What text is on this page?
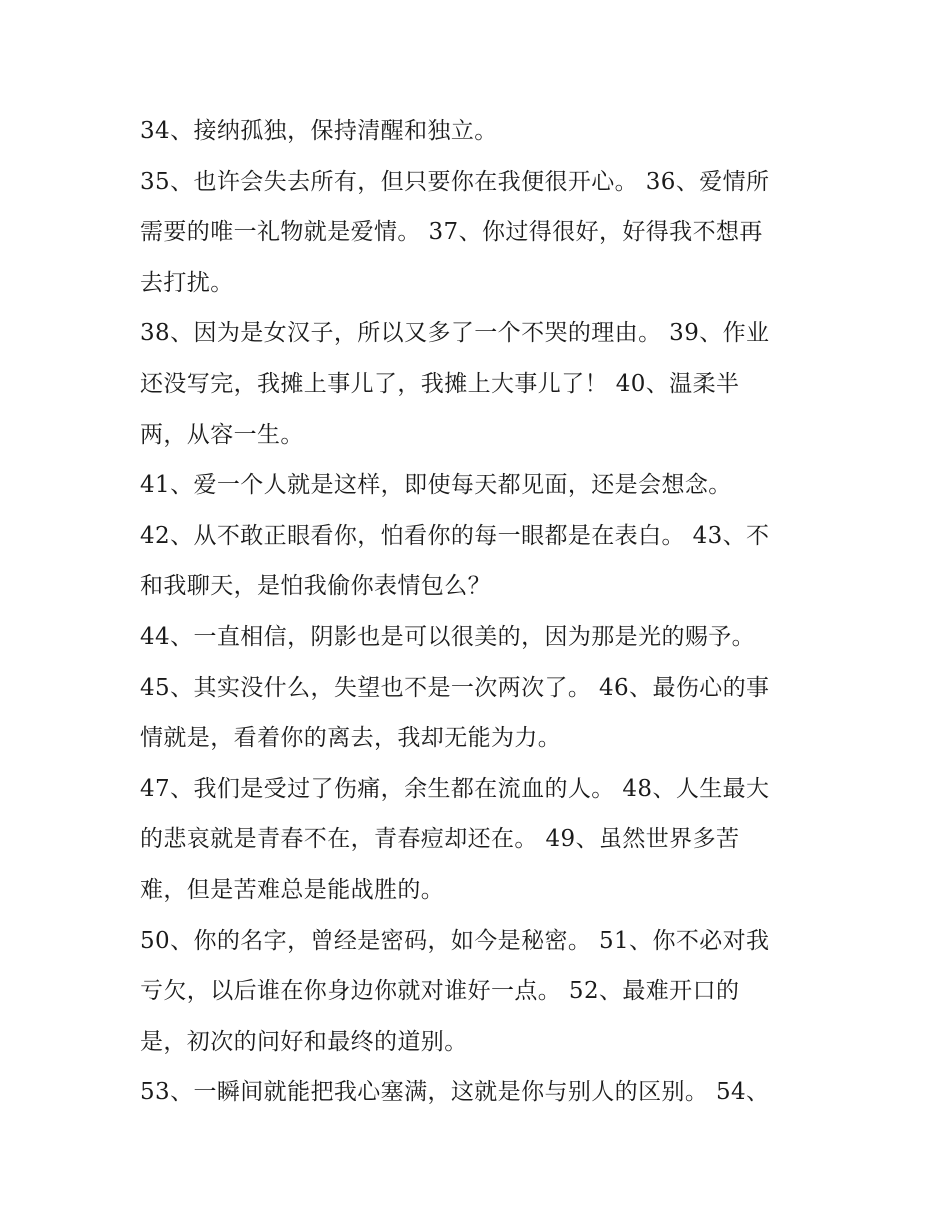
34、接纳孤独，保持清醒和独立。
35、也许会失去所有，但只要你在我便很开心。 36、爱情所
需要的唯一礼物就是爱情。 37、你过得很好，好得我不想再
去打扰。
38、因为是女汉子，所以又多了一个不哭的理由。 39、作业
还没写完，我摊上事儿了，我摊上大事儿了！ 40、温柔半
两，从容一生。
41、爱一个人就是这样，即使每天都见面，还是会想念。
42、从不敢正眼看你，怕看你的每一眼都是在表白。 43、不
和我聊天，是怕我偷你表情包么？
44、一直相信，阴影也是可以很美的，因为那是光的赐予。
45、其实没什么，失望也不是一次两次了。 46、最伤心的事
情就是，看着你的离去，我却无能为力。
47、我们是受过了伤痛，余生都在流血的人。 48、人生最大
的悲哀就是青春不在，青春痘却还在。 49、虽然世界多苦
难，但是苦难总是能战胜的。
50、你的名字，曾经是密码，如今是秘密。 51、你不必对我
亏欠，以后谁在你身边你就对谁好一点。 52、最难开口的
是，初次的问好和最终的道别。
53、一瞬间就能把我心塞满，这就是你与别人的区别。 54、
